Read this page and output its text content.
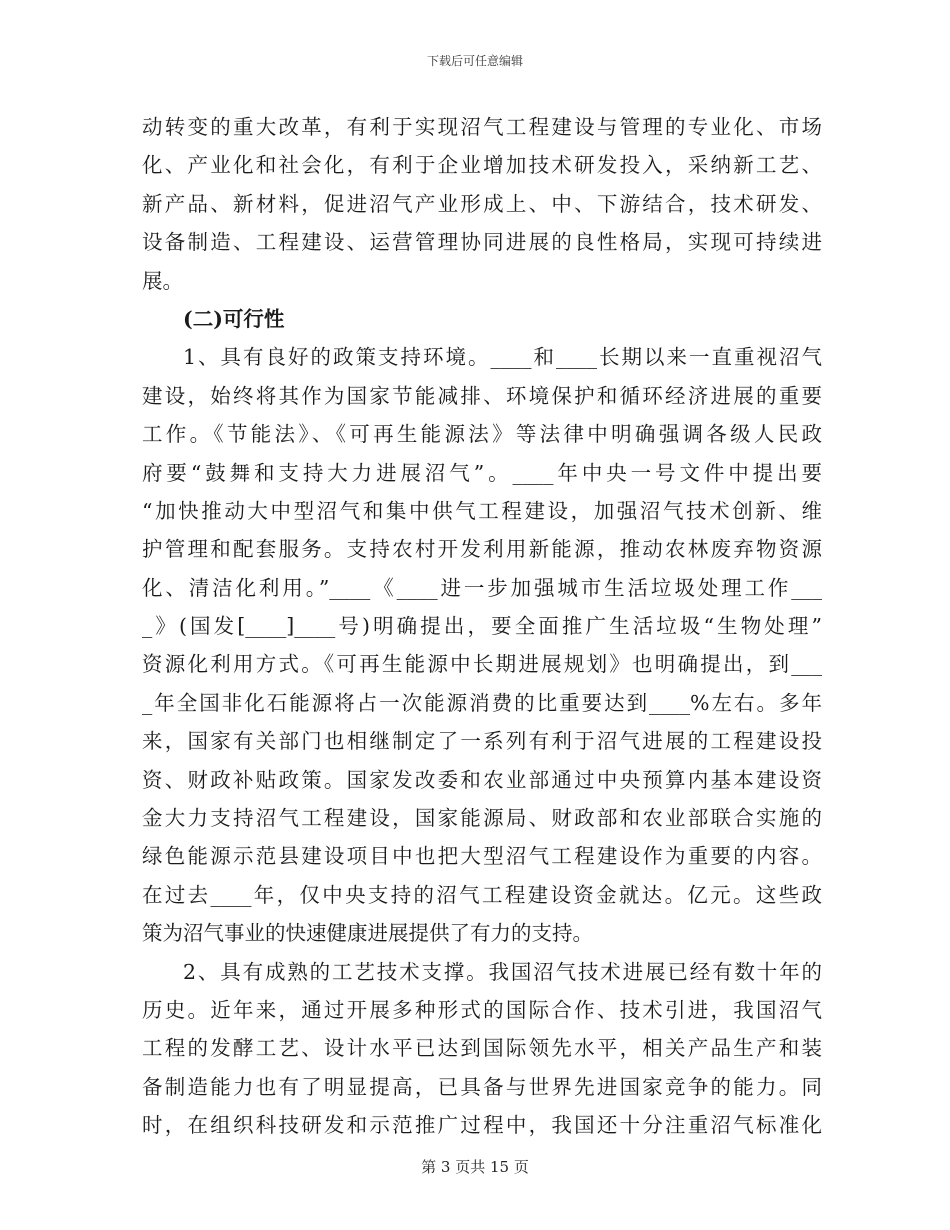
下载后可任意编辑
动转变的重大改革，有利于实现沼气工程建设与管理的专业化、市场
化、产业化和社会化，有利于企业增加技术研发投入，采纳新工艺、
新产品、新材料，促进沼气产业形成上、中、下游结合，技术研发、
设备制造、工程建设、运营管理协同进展的良性格局，实现可持续进
展。
(二)可行性
1、具有良好的政策支持环境。____和____长期以来一直重视沼气
建设，始终将其作为国家节能减排、环境保护和循环经济进展的重要
工作。《节能法》、《可再生能源法》等法律中明确强调各级人民政
府要“鼓舞和支持大力进展沼气”。____年中央一号文件中提出要
“加快推动大中型沼气和集中供气工程建设，加强沼气技术创新、维
护管理和配套服务。支持农村开发利用新能源，推动农林废弃物资源
化、清洁化利用。”____《____进一步加强城市生活垃圾处理工作___
_》(国发[____]____号)明确提出，要全面推广生活垃圾“生物处理”
资源化利用方式。《可再生能源中长期进展规划》也明确提出，到___
_年全国非化石能源将占一次能源消费的比重要达到____%左右。多年
来，国家有关部门也相继制定了一系列有利于沼气进展的工程建设投
资、财政补贴政策。国家发改委和农业部通过中央预算内基本建设资
金大力支持沼气工程建设，国家能源局、财政部和农业部联合实施的
绿色能源示范县建设项目中也把大型沼气工程建设作为重要的内容。
在过去____年，仅中央支持的沼气工程建设资金就达。亿元。这些政
策为沼气事业的快速健康进展提供了有力的支持。
2、具有成熟的工艺技术支撑。我国沼气技术进展已经有数十年的
历史。近年来，通过开展多种形式的国际合作、技术引进，我国沼气
工程的发酵工艺、设计水平已达到国际领先水平，相关产品生产和装
备制造能力也有了明显提高，已具备与世界先进国家竞争的能力。同
时，在组织科技研发和示范推广过程中，我国还十分注重沼气标准化
第 3 页共 15 页
